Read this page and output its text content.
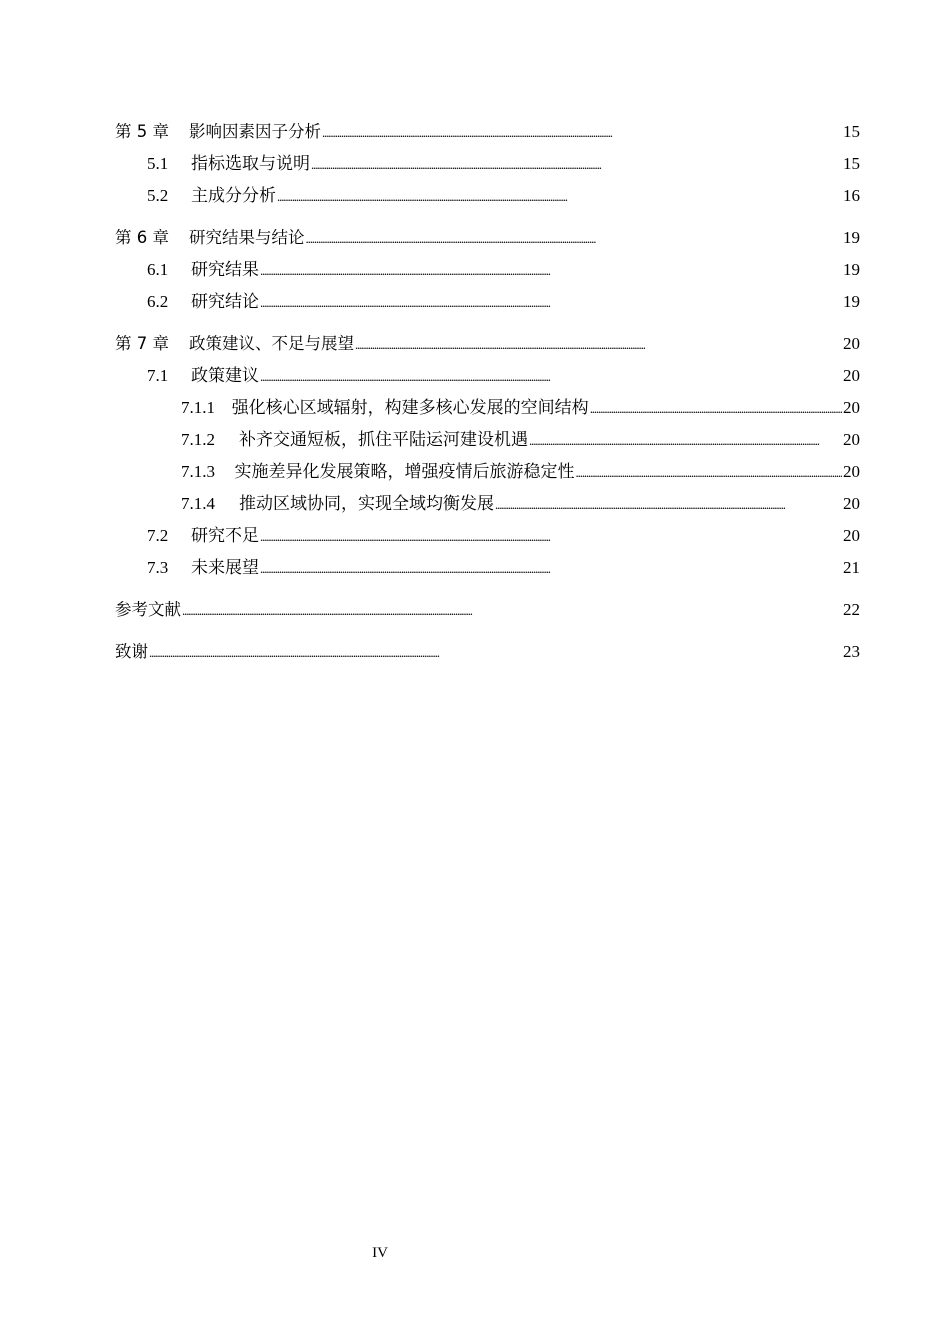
第 5 章	影响因素因子分析 . . .	15
5.1	指标选取与说明 . . .	15
5.2	主成分分析 . . .	16
第 6 章	研究结果与结论 . . .	19
6.1	研究结果 . . .	19
6.2	研究结论 . . .	19
第 7 章	政策建议、不足与展望 . . .	20
7.1	政策建议 . . .	20
7.1.1 强化核心区域辐射，构建多核心发展的空间结构 . . .	20
7.1.2	补齐交通短板，抓住平陆运河建设机遇 . . .	20
7.1.3	实施差异化发展策略，增强疫情后旅游稳定性 . . .	20
7.1.4	推动区域协同，实现全域均衡发展 . . .	20
7.2	研究不足 . . .	20
7.3	未来展望 . . .	21
参考文献 . . .	22
致谢 . . .	23
IV
